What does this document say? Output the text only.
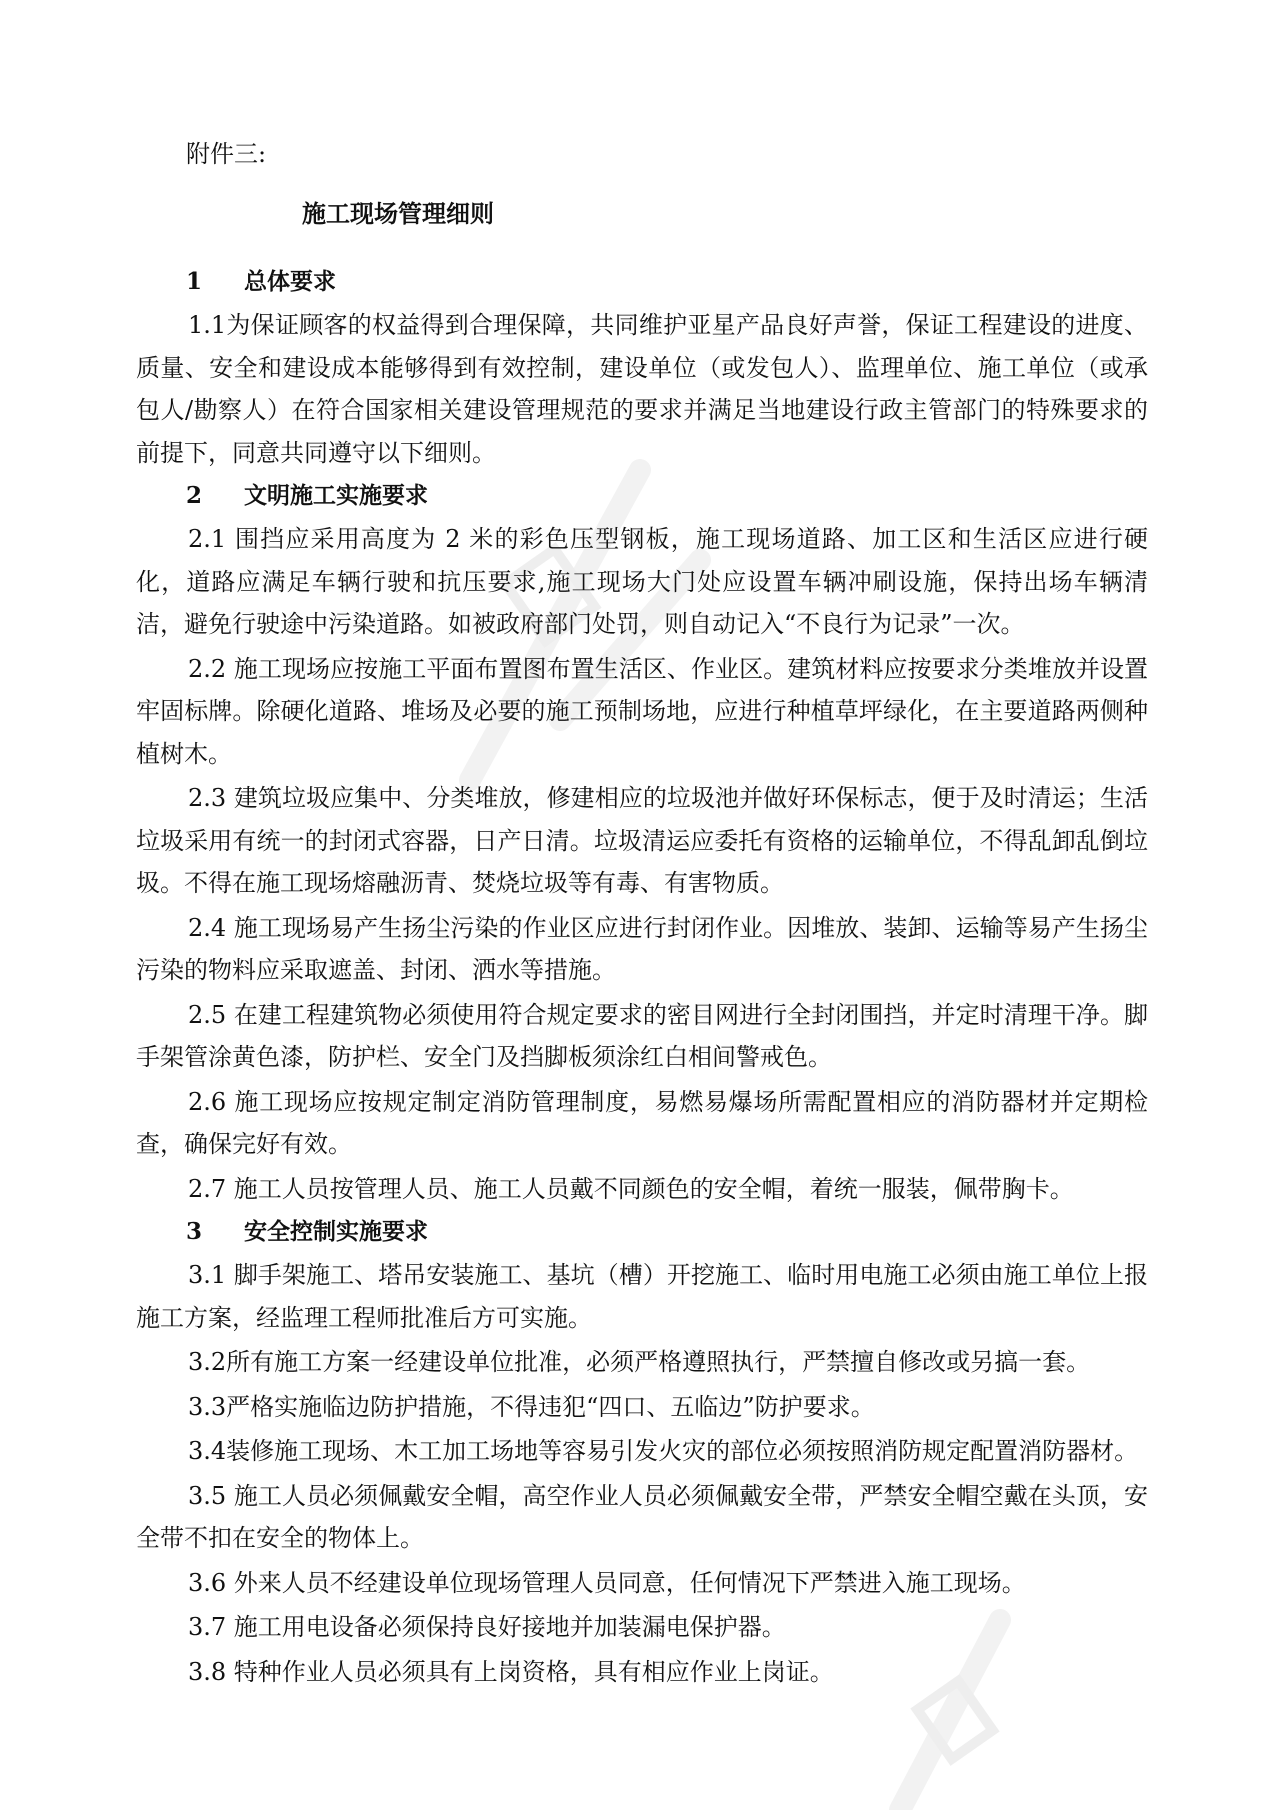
附件三:

施工现场管理细则

1 总体要求

1.1为保证顾客的权益得到合理保障，共同维护亚星产品良好声誉，保证工程建设的进度、质量、安全和建设成本能够得到有效控制，建设单位（或发包人）、监理单位、施工单位（或承包人/勘察人）在符合国家相关建设管理规范的要求并满足当地建设行政主管部门的特殊要求的前提下，同意共同遵守以下细则。

2 文明施工实施要求

2.1 围挡应采用高度为 2 米的彩色压型钢板，施工现场道路、加工区和生活区应进行硬化，道路应满足车辆行驶和抗压要求,施工现场大门处应设置车辆冲刷设施，保持出场车辆清洁，避免行驶途中污染道路。如被政府部门处罚，则自动记入“不良行为记录”一次。

2.2 施工现场应按施工平面布置图布置生活区、作业区。建筑材料应按要求分类堆放并设置牢固标牌。除硬化道路、堆场及必要的施工预制场地，应进行种植草坪绿化，在主要道路两侧种植树木。

2.3 建筑垃圾应集中、分类堆放，修建相应的垃圾池并做好环保标志，便于及时清运；生活垃圾采用有统一的封闭式容器，日产日清。垃圾清运应委托有资格的运输单位，不得乱卸乱倒垃圾。不得在施工现场熔融沥青、焚烧垃圾等有毒、有害物质。

2.4 施工现场易产生扬尘污染的作业区应进行封闭作业。因堆放、装卸、运输等易产生扬尘污染的物料应采取遮盖、封闭、洒水等措施。

2.5 在建工程建筑物必须使用符合规定要求的密目网进行全封闭围挡，并定时清理干净。脚手架管涂黄色漆，防护栏、安全门及挡脚板须涂红白相间警戒色。

2.6 施工现场应按规定制定消防管理制度，易燃易爆场所需配置相应的消防器材并定期检查，确保完好有效。

2.7 施工人员按管理人员、施工人员戴不同颜色的安全帽，着统一服装，佩带胸卡。

3 安全控制实施要求

3.1 脚手架施工、塔吊安装施工、基坑（槽）开挖施工、临时用电施工必须由施工单位上报施工方案，经监理工程师批准后方可实施。

3.2所有施工方案一经建设单位批准，必须严格遵照执行，严禁擅自修改或另搞一套。

3.3严格实施临边防护措施，不得违犯“四口、五临边”防护要求。

3.4装修施工现场、木工加工场地等容易引发火灾的部位必须按照消防规定配置消防器材。

3.5 施工人员必须佩戴安全帽，高空作业人员必须佩戴安全带，严禁安全帽空戴在头顶，安全带不扣在安全的物体上。

3.6 外来人员不经建设单位现场管理人员同意，任何情况下严禁进入施工现场。

3.7 施工用电设备必须保持良好接地并加装漏电保护器。

3.8 特种作业人员必须具有上岗资格，具有相应作业上岗证。
